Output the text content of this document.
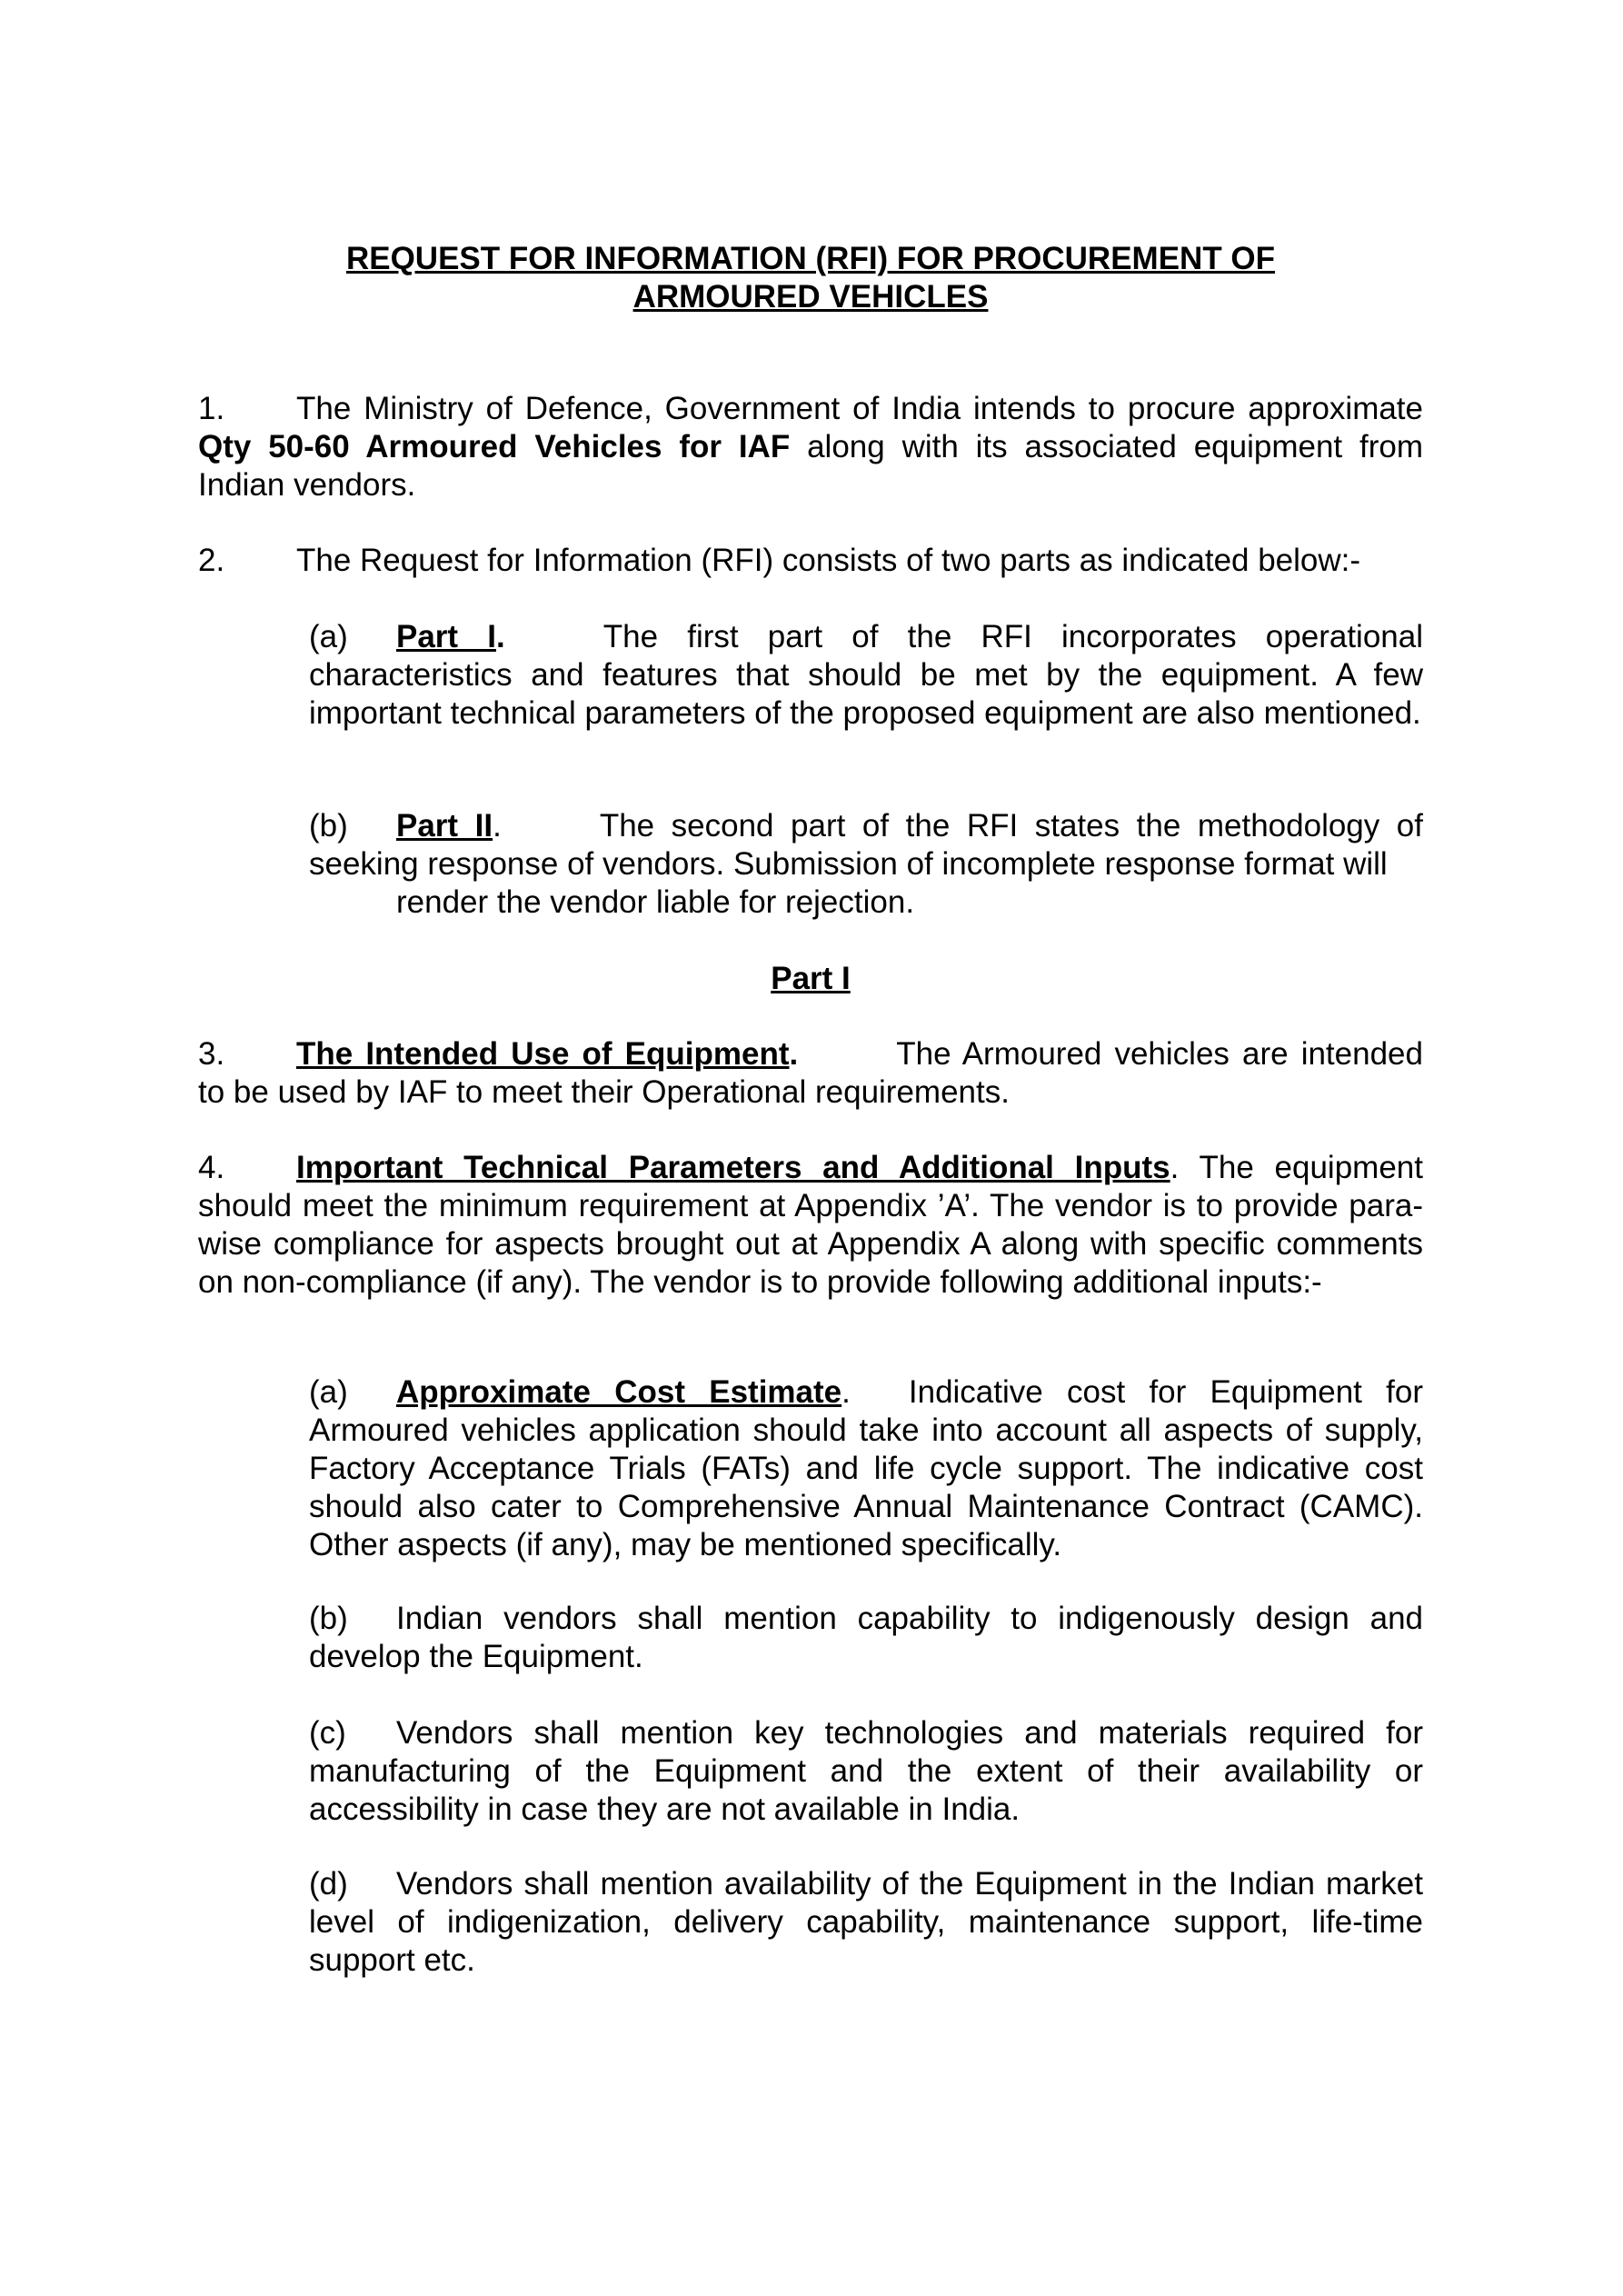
REQUEST FOR INFORMATION (RFI) FOR PROCUREMENT OF
ARMOURED VEHICLES
1. The Ministry of Defence, Government of India intends to procure approximate Qty 50-60 Armoured Vehicles for IAF along with its associated equipment from Indian vendors.
2. The Request for Information (RFI) consists of two parts as indicated below:-
(a) Part I.	The first part of the RFI incorporates operational characteristics and features that should be met by the equipment. A few important technical parameters of the proposed equipment are also mentioned.
(b) Part II.	The second part of the RFI states the methodology of seeking response of vendors. Submission of incomplete response format will
render the vendor liable for rejection.
Part I
3. The Intended Use of Equipment.	The Armoured vehicles are intended to be used by IAF to meet their Operational requirements.
4. Important Technical Parameters and Additional Inputs. The equipment should meet the minimum requirement at Appendix ’A’. The vendor is to provide para-wise compliance for aspects brought out at Appendix A along with specific comments on non-compliance (if any). The vendor is to provide following additional inputs:-
(a) Approximate Cost Estimate. Indicative cost for Equipment for Armoured vehicles application should take into account all aspects of supply, Factory Acceptance Trials (FATs) and life cycle support. The indicative cost should also cater to Comprehensive Annual Maintenance Contract (CAMC). Other aspects (if any), may be mentioned specifically.
(b) Indian vendors shall mention capability to indigenously design and develop the Equipment.
(c) Vendors shall mention key technologies and materials required for manufacturing of the Equipment and the extent of their availability or accessibility in case they are not available in India.
(d) Vendors shall mention availability of the Equipment in the Indian market level of indigenization, delivery capability, maintenance support, life-time support etc.
